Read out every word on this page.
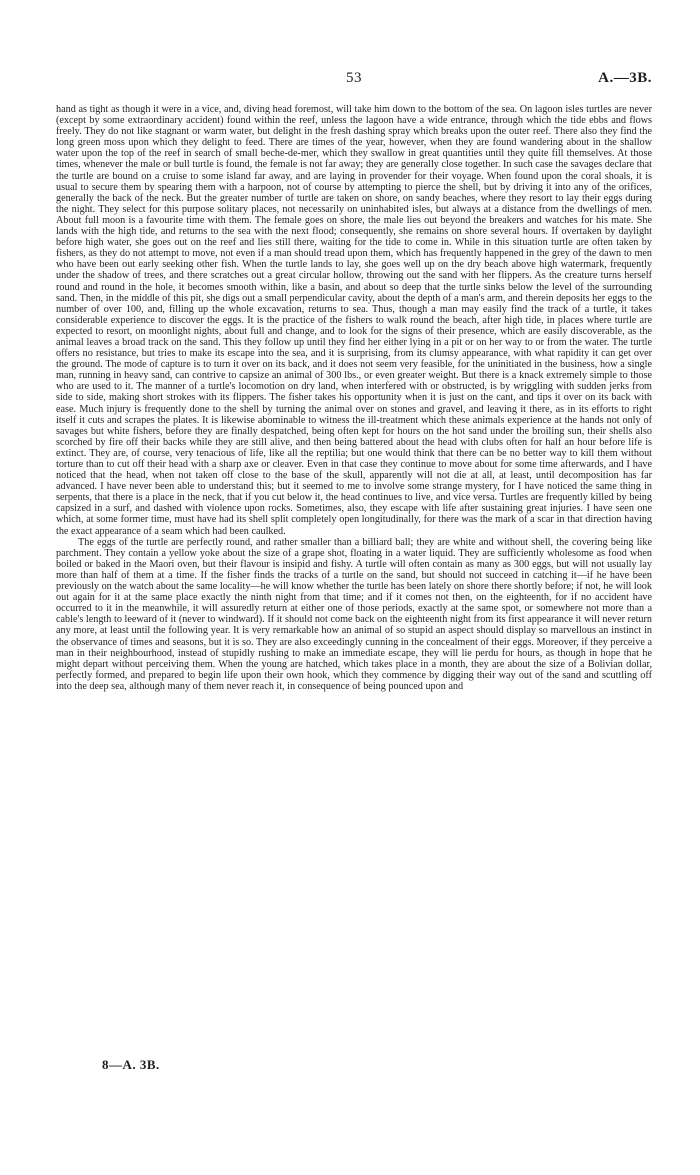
53	A.—3B.

hand as tight as though it were in a vice, and, diving head foremost, will take him down to the bottom of the sea. On lagoon isles turtles are never (except by some extraordinary accident) found within the reef, unless the lagoon have a wide entrance, through which the tide ebbs and flows freely. They do not like stagnant or warm water, but delight in the fresh dashing spray which breaks upon the outer reef. There also they find the long green moss upon which they delight to feed. There are times of the year, however, when they are found wandering about in the shallow water upon the top of the reef in search of small beche-de-mer, which they swallow in great quantities until they quite fill themselves. At those times, whenever the male or bull turtle is found, the female is not far away; they are generally close together. In such case the savages declare that the turtle are bound on a cruise to some island far away, and are laying in provender for their voyage. When found upon the coral shoals, it is usual to secure them by spearing them with a harpoon, not of course by attempting to pierce the shell, but by driving it into any of the orifices, generally the back of the neck. But the greater number of turtle are taken on shore, on sandy beaches, where they resort to lay their eggs during the night. They select for this purpose solitary places, not necessarily on uninhabited isles, but always at a distance from the dwellings of men. About full moon is a favourite time with them. The female goes on shore, the male lies out beyond the breakers and watches for his mate. She lands with the high tide, and returns to the sea with the next flood; consequently, she remains on shore several hours. If overtaken by daylight before high water, she goes out on the reef and lies still there, waiting for the tide to come in. While in this situation turtle are often taken by fishers, as they do not attempt to move, not even if a man should tread upon them, which has frequently happened in the grey of the dawn to men who have been out early seeking other fish. When the turtle lands to lay, she goes well up on the dry beach above high watermark, frequently under the shadow of trees, and there scratches out a great circular hollow, throwing out the sand with her flippers. As the creature turns herself round and round in the hole, it becomes smooth within, like a basin, and about so deep that the turtle sinks below the level of the surrounding sand. Then, in the middle of this pit, she digs out a small perpendicular cavity, about the depth of a man's arm, and therein deposits her eggs to the number of over 100, and, filling up the whole excavation, returns to sea. Thus, though a man may easily find the track of a turtle, it takes considerable experience to discover the eggs. It is the practice of the fishers to walk round the beach, after high tide, in places where turtle are expected to resort, on moonlight nights, about full and change, and to look for the signs of their presence, which are easily discoverable, as the animal leaves a broad track on the sand. This they follow up until they find her either lying in a pit or on her way to or from the water. The turtle offers no resistance, but tries to make its escape into the sea, and it is surprising, from its clumsy appearance, with what rapidity it can get over the ground. The mode of capture is to turn it over on its back, and it does not seem very feasible, for the uninitiated in the business, how a single man, running in heavy sand, can contrive to capsize an animal of 300 lbs., or even greater weight. But there is a knack extremely simple to those who are used to it. The manner of a turtle's locomotion on dry land, when interfered with or obstructed, is by wriggling with sudden jerks from side to side, making short strokes with its flippers. The fisher takes his opportunity when it is just on the cant, and tips it over on its back with ease. Much injury is frequently done to the shell by turning the animal over on stones and gravel, and leaving it there, as in its efforts to right itself it cuts and scrapes the plates. It is likewise abominable to witness the ill-treatment which these animals experience at the hands not only of savages but white fishers, before they are finally despatched, being often kept for hours on the hot sand under the broiling sun, their shells also scorched by fire off their backs while they are still alive, and then being battered about the head with clubs often for half an hour before life is extinct. They are, of course, very tenacious of life, like all the reptilia; but one would think that there can be no better way to kill them without torture than to cut off their head with a sharp axe or cleaver. Even in that case they continue to move about for some time afterwards, and I have noticed that the head, when not taken off close to the base of the skull, apparently will not die at all, at least, until decomposition has far advanced. I have never been able to understand this; but it seemed to me to involve some strange mystery, for I have noticed the same thing in serpents, that there is a place in the neck, that if you cut below it, the head continues to live, and vice versa. Turtles are frequently killed by being capsized in a surf, and dashed with violence upon rocks. Sometimes, also, they escape with life after sustaining great injuries. I have seen one which, at some former time, must have had its shell split completely open longitudinally, for there was the mark of a scar in that direction having the exact appearance of a seam which had been caulked.

The eggs of the turtle are perfectly round, and rather smaller than a billiard ball; they are white and without shell, the covering being like parchment. They contain a yellow yoke about the size of a grape shot, floating in a water liquid. They are sufficiently wholesome as food when boiled or baked in the Maori oven, but their flavour is insipid and fishy. A turtle will often contain as many as 300 eggs, but will not usually lay more than half of them at a time. If the fisher finds the tracks of a turtle on the sand, but should not succeed in catching it—if he have been previously on the watch about the same locality—he will know whether the turtle has been lately on shore there shortly before; if not, he will look out again for it at the same place exactly the ninth night from that time; and if it comes not then, on the eighteenth, for if no accident have occurred to it in the meanwhile, it will assuredly return at either one of those periods, exactly at the same spot, or somewhere not more than a cable's length to leeward of it (never to windward). If it should not come back on the eighteenth night from its first appearance it will never return any more, at least until the following year. It is very remarkable how an animal of so stupid an aspect should display so marvellous an instinct in the observance of times and seasons, but it is so. They are also exceedingly cunning in the concealment of their eggs. Moreover, if they perceive a man in their neighbourhood, instead of stupidly rushing to make an immediate escape, they will lie perdu for hours, as though in hope that he might depart without perceiving them. When the young are hatched, which takes place in a month, they are about the size of a Bolivian dollar, perfectly formed, and prepared to begin life upon their own hook, which they commence by digging their way out of the sand and scuttling off into the deep sea, although many of them never reach it, in consequence of being pounced upon and

8—A. 3B.
